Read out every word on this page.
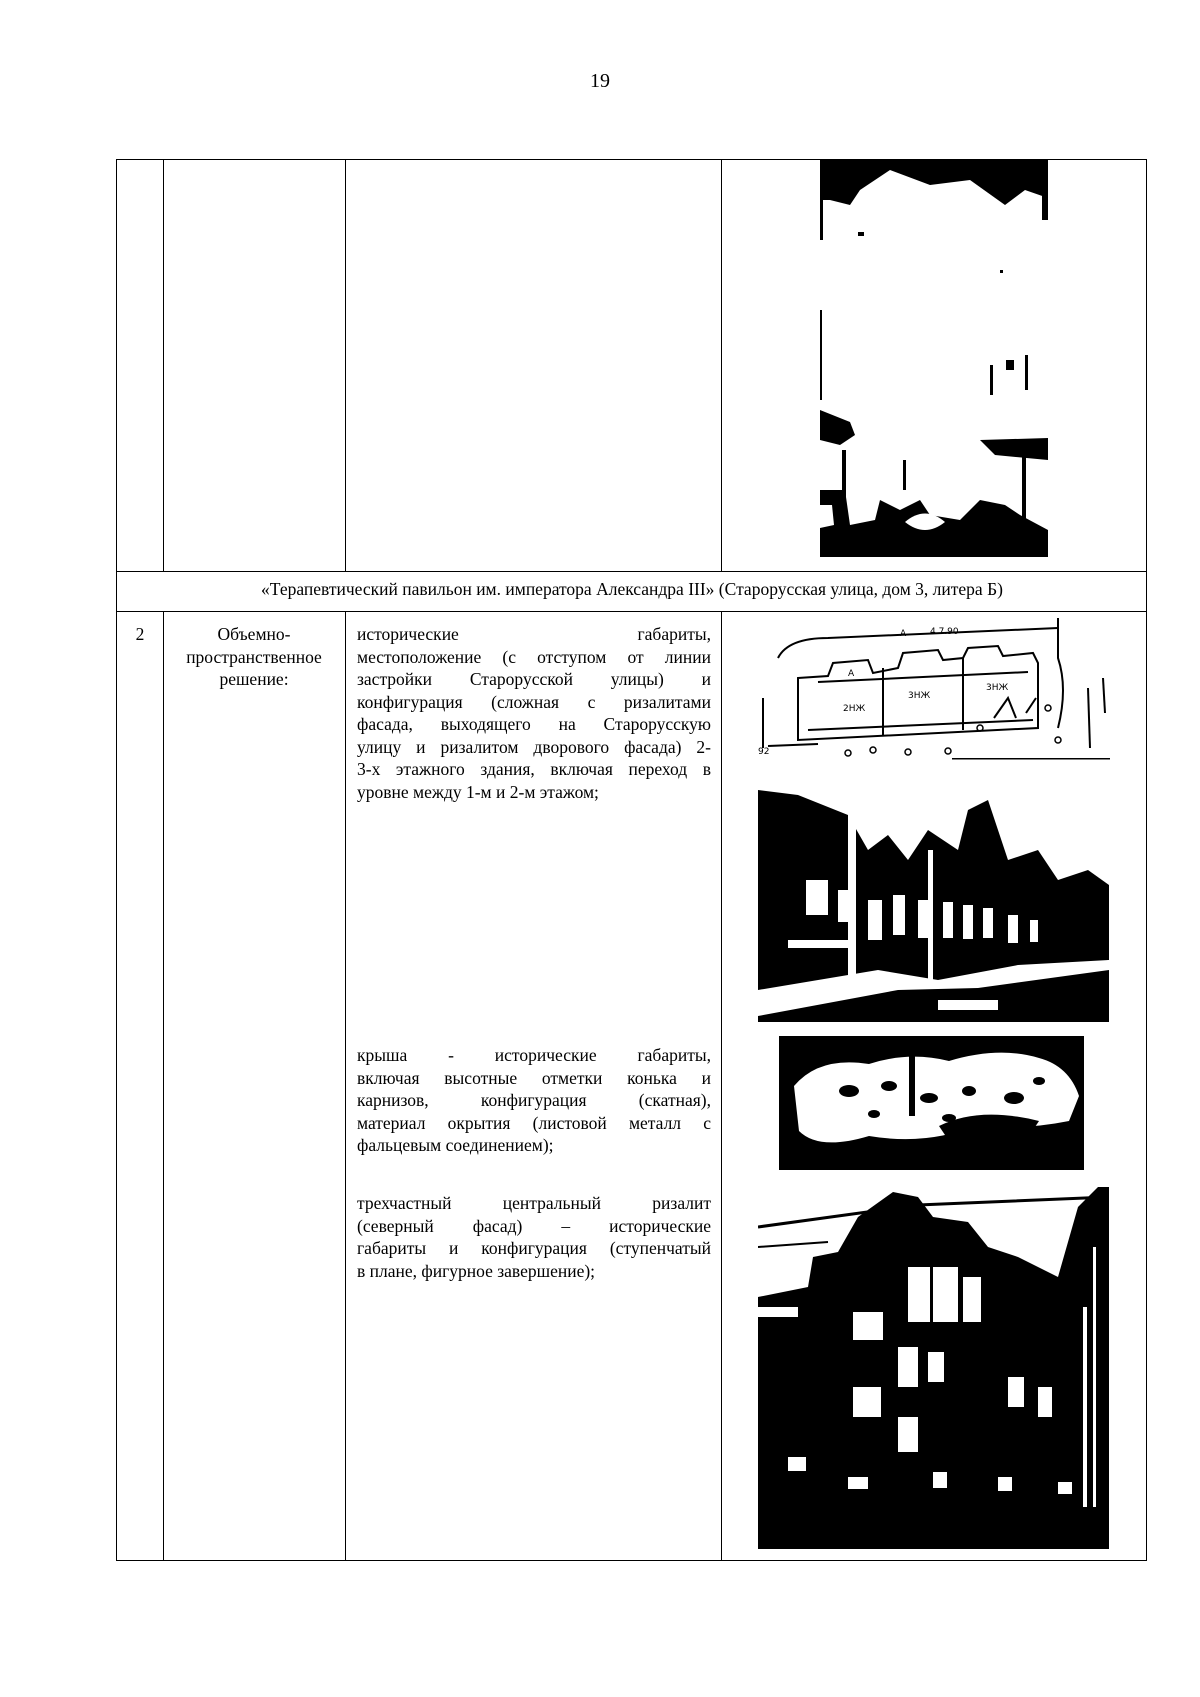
19
«Терапевтический павильон им. императора Александра III» (Старорусская улица, дом 3, литера Б)
2	Объемно-
пространственное
решение:
исторические габариты,
местоположение (с отступом от линии
застройки Старорусской улицы) и
конфигурация (сложная с ризалитами
фасада, выходящего на Старорусскую
улицу и ризалитом дворового фасада) 2-
3-х этажного здания, включая переход в
уровне между 1-м и 2-м этажом;
крыша - исторические габариты,
включая высотные отметки конька и
карнизов, конфигурация (скатная),
материал окрытия (листовой металл с
фальцевым соединением);
трехчастный центральный ризалит
(северный фасад) – исторические
габариты и конфигурация (ступенчатый
в плане, фигурное завершение);
А
А
2НЖ
3НЖ
3НЖ
4 7.90
92
